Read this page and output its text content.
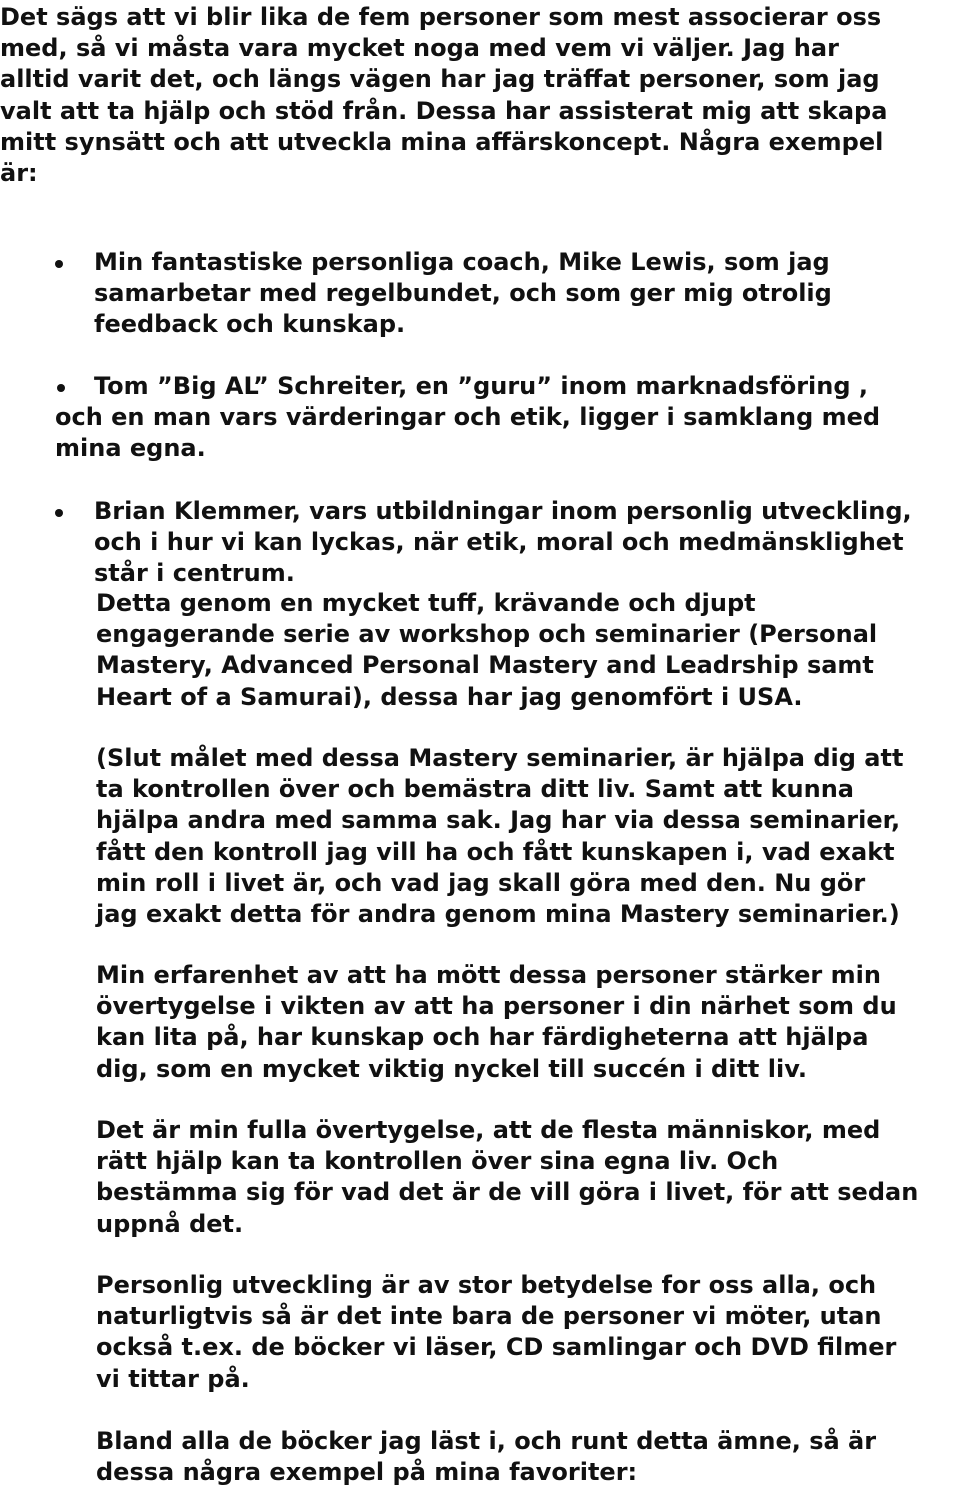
Det sägs att vi blir lika de fem personer som mest associerar oss
med, så vi måsta vara mycket noga med vem vi väljer. Jag har
alltid varit det, och längs vägen har jag träffat personer, som jag
valt att ta hjälp och stöd från. Dessa har assisterat mig att skapa
mitt synsätt och att utveckla mina affärskoncept. Några exempel
är:
Min fantastiske personliga coach, Mike Lewis, som jag
samarbetar med regelbundet, och som ger mig otrolig
feedback och kunskap.
Tom ”Big AL” Schreiter, en ”guru” inom marknadsföring ,
och en man vars värderingar och etik, ligger i samklang med
mina egna.
Brian Klemmer, vars utbildningar inom personlig utveckling,
och i hur vi kan lyckas, när etik, moral och medmänsklighet
står i centrum.
Detta genom en mycket tuff, krävande och djupt
engagerande serie av workshop och seminarier (Personal
Mastery, Advanced Personal Mastery and Leadrship samt
Heart of a Samurai), dessa har jag genomfört i USA.
(Slut målet med dessa Mastery seminarier, är hjälpa dig att
ta kontrollen över och bemästra ditt liv. Samt att kunna
hjälpa andra med samma sak. Jag har via dessa seminarier,
fått den kontroll jag vill ha och fått kunskapen i, vad exakt
min roll i livet är, och vad jag skall göra med den. Nu gör
jag exakt detta för andra genom mina Mastery seminarier.)
Min erfarenhet av att ha mött dessa personer stärker min
övertygelse i vikten av att ha personer i din närhet som du
kan lita på, har kunskap och har färdigheterna att hjälpa
dig, som en mycket viktig nyckel till succén i ditt liv.
Det är min fulla övertygelse, att de flesta människor, med
rätt hjälp kan ta kontrollen över sina egna liv. Och
bestämma sig för vad det är de vill göra i livet, för att sedan
uppnå det.
Personlig utveckling är av stor betydelse for oss alla, och
naturligtvis så är det inte bara de personer vi möter, utan
också t.ex. de böcker vi läser, CD samlingar och DVD filmer
vi tittar på.
Bland alla de böcker jag läst i, och runt detta ämne, så är
dessa några exempel på mina favoriter:
